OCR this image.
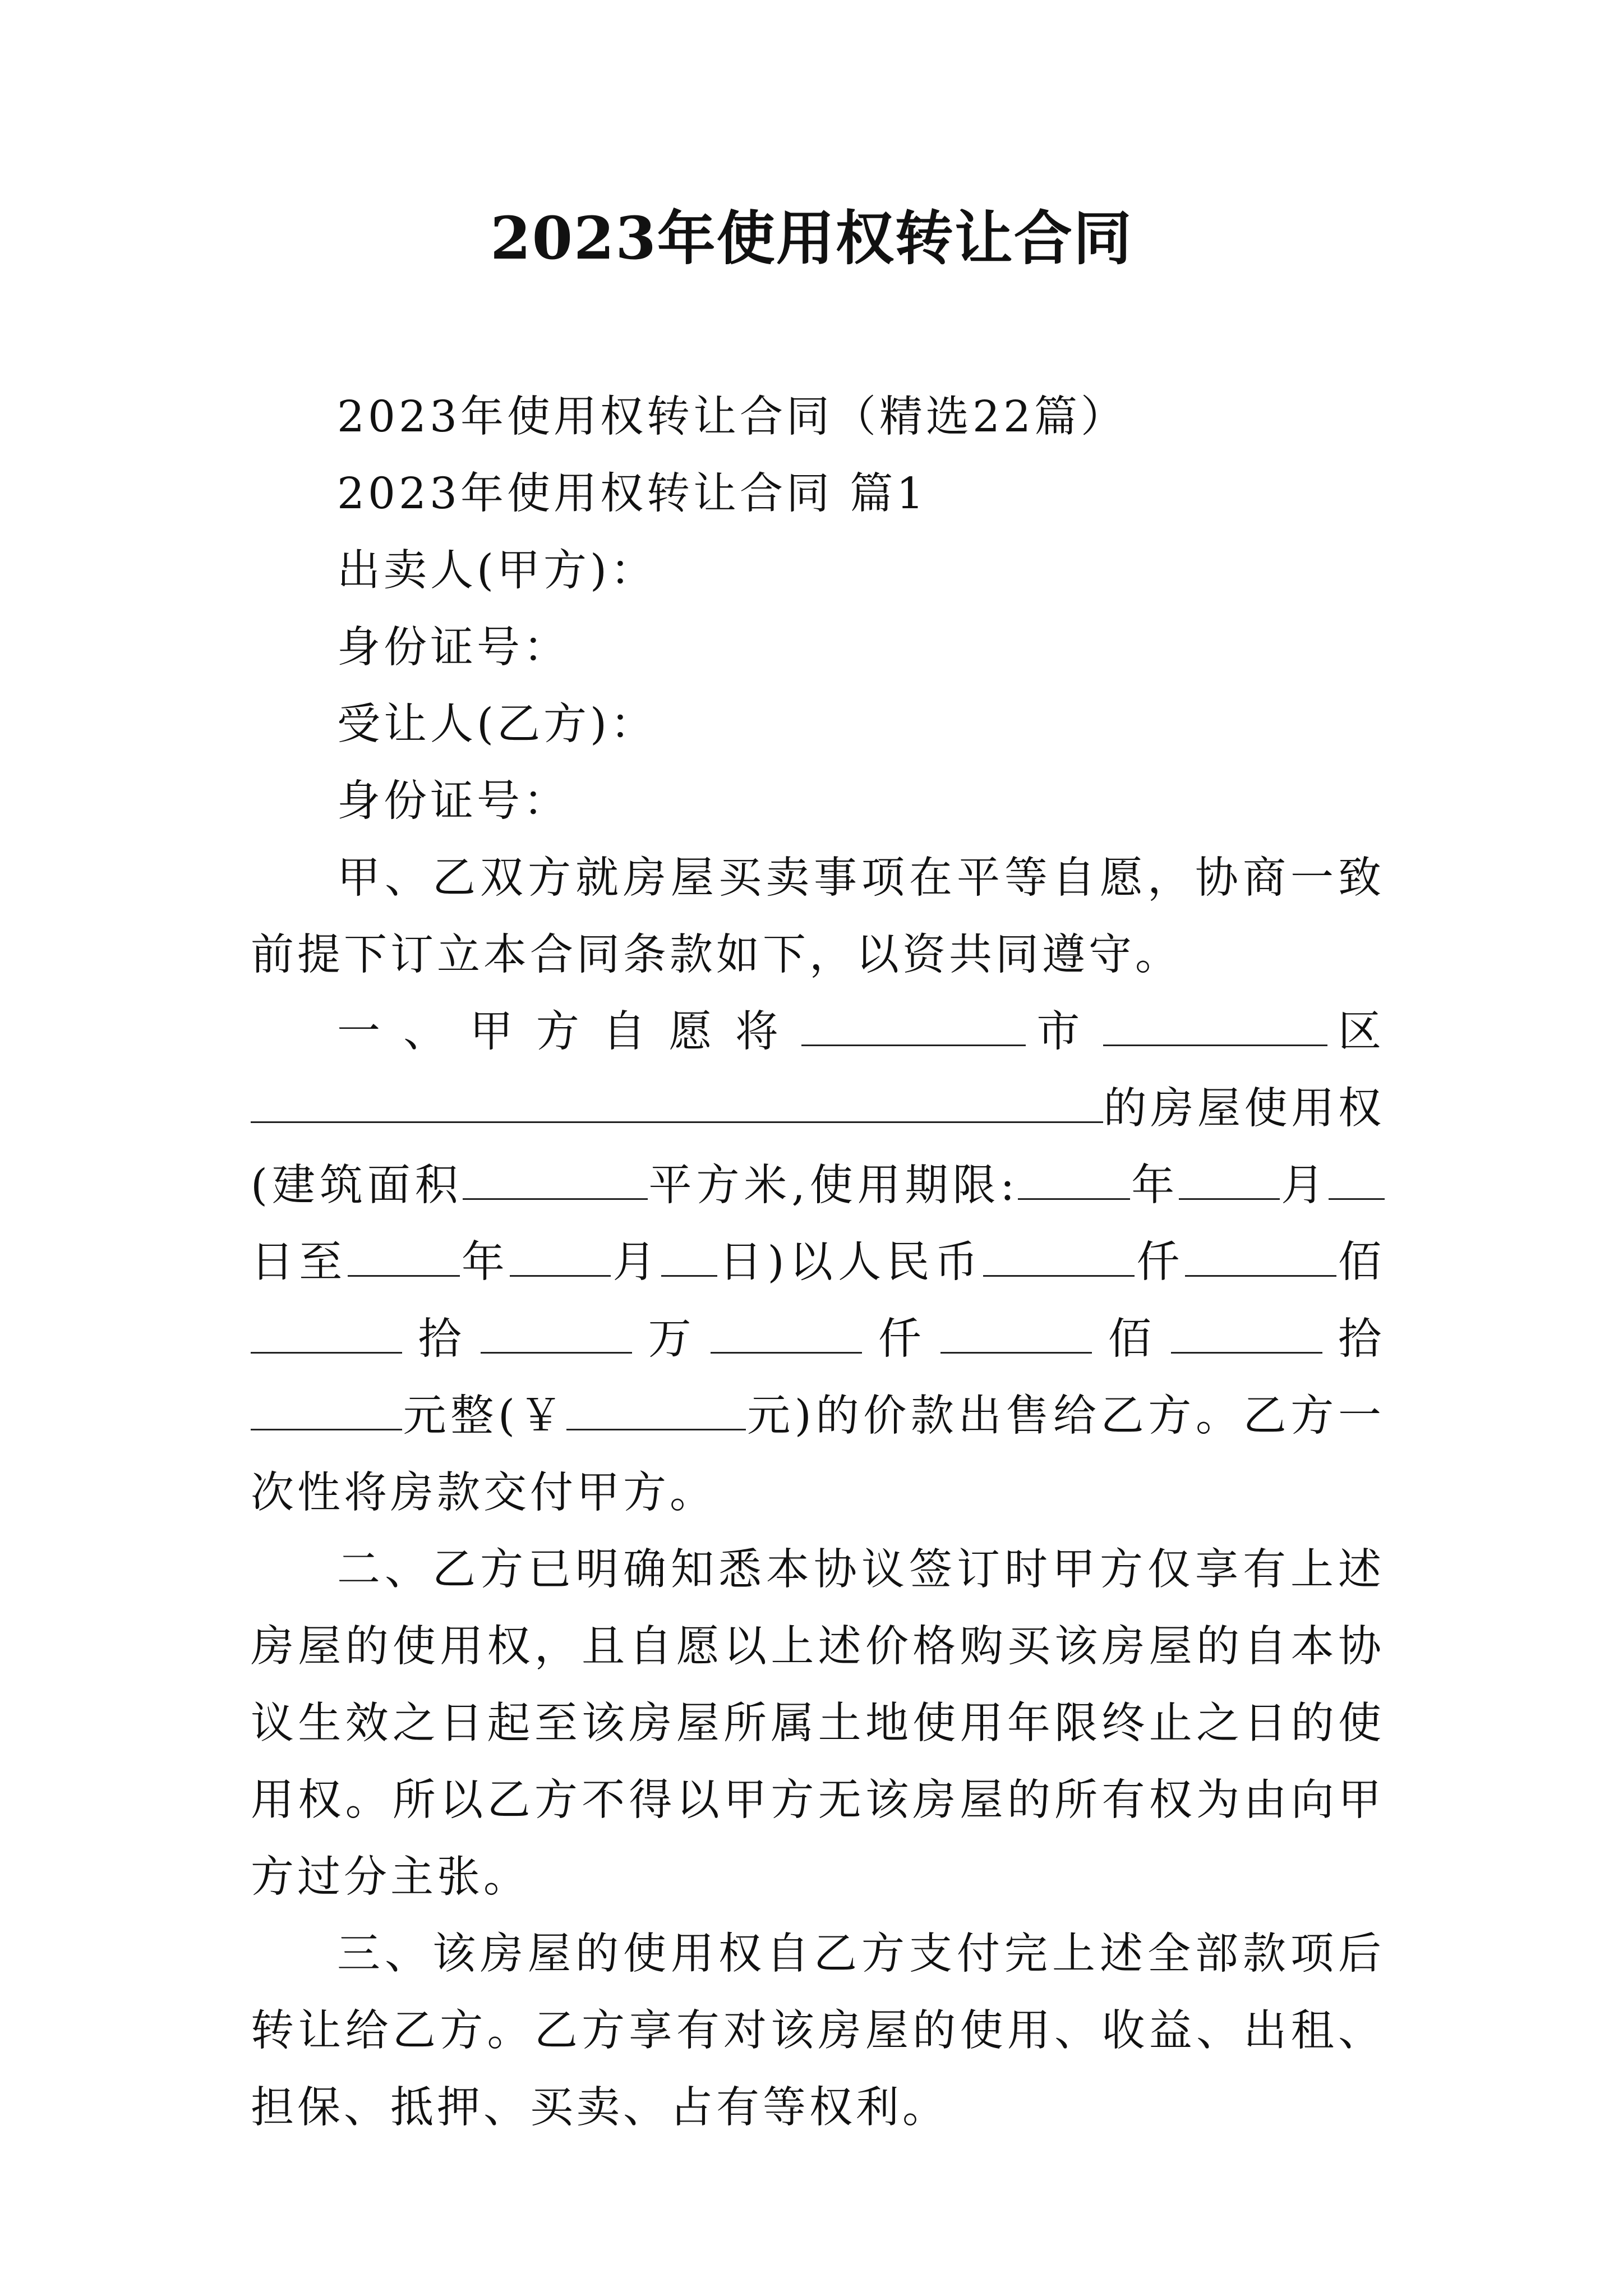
2023年使用权转让合同

2023年使用权转让合同（精选22篇）

2023年使用权转让合同 篇1

出卖人(甲方)：

身份证号：

受让人(乙方)：

身份证号：

甲、乙双方就房屋买卖事项在平等自愿，协商一致前提下订立本合同条款如下，以资共同遵守。

一、甲方自愿将	市	区的房屋使用权(建筑面积	平方米,使用期限:	年 月日至	年 月 日)以人民币	仟	佰拾	万	仟	佰	拾元整(￥	元)的价款出售给乙方。乙方一次性将房款交付甲方。

二、乙方已明确知悉本协议签订时甲方仅享有上述房屋的使用权，且自愿以上述价格购买该房屋的自本协议生效之日起至该房屋所属土地使用年限终止之日的使用权。所以乙方不得以甲方无该房屋的所有权为由向甲方过分主张。

三、该房屋的使用权自乙方支付完上述全部款项后转让给乙方。乙方享有对该房屋的使用、收益、出租、担保、抵押、买卖、占有等权利。
